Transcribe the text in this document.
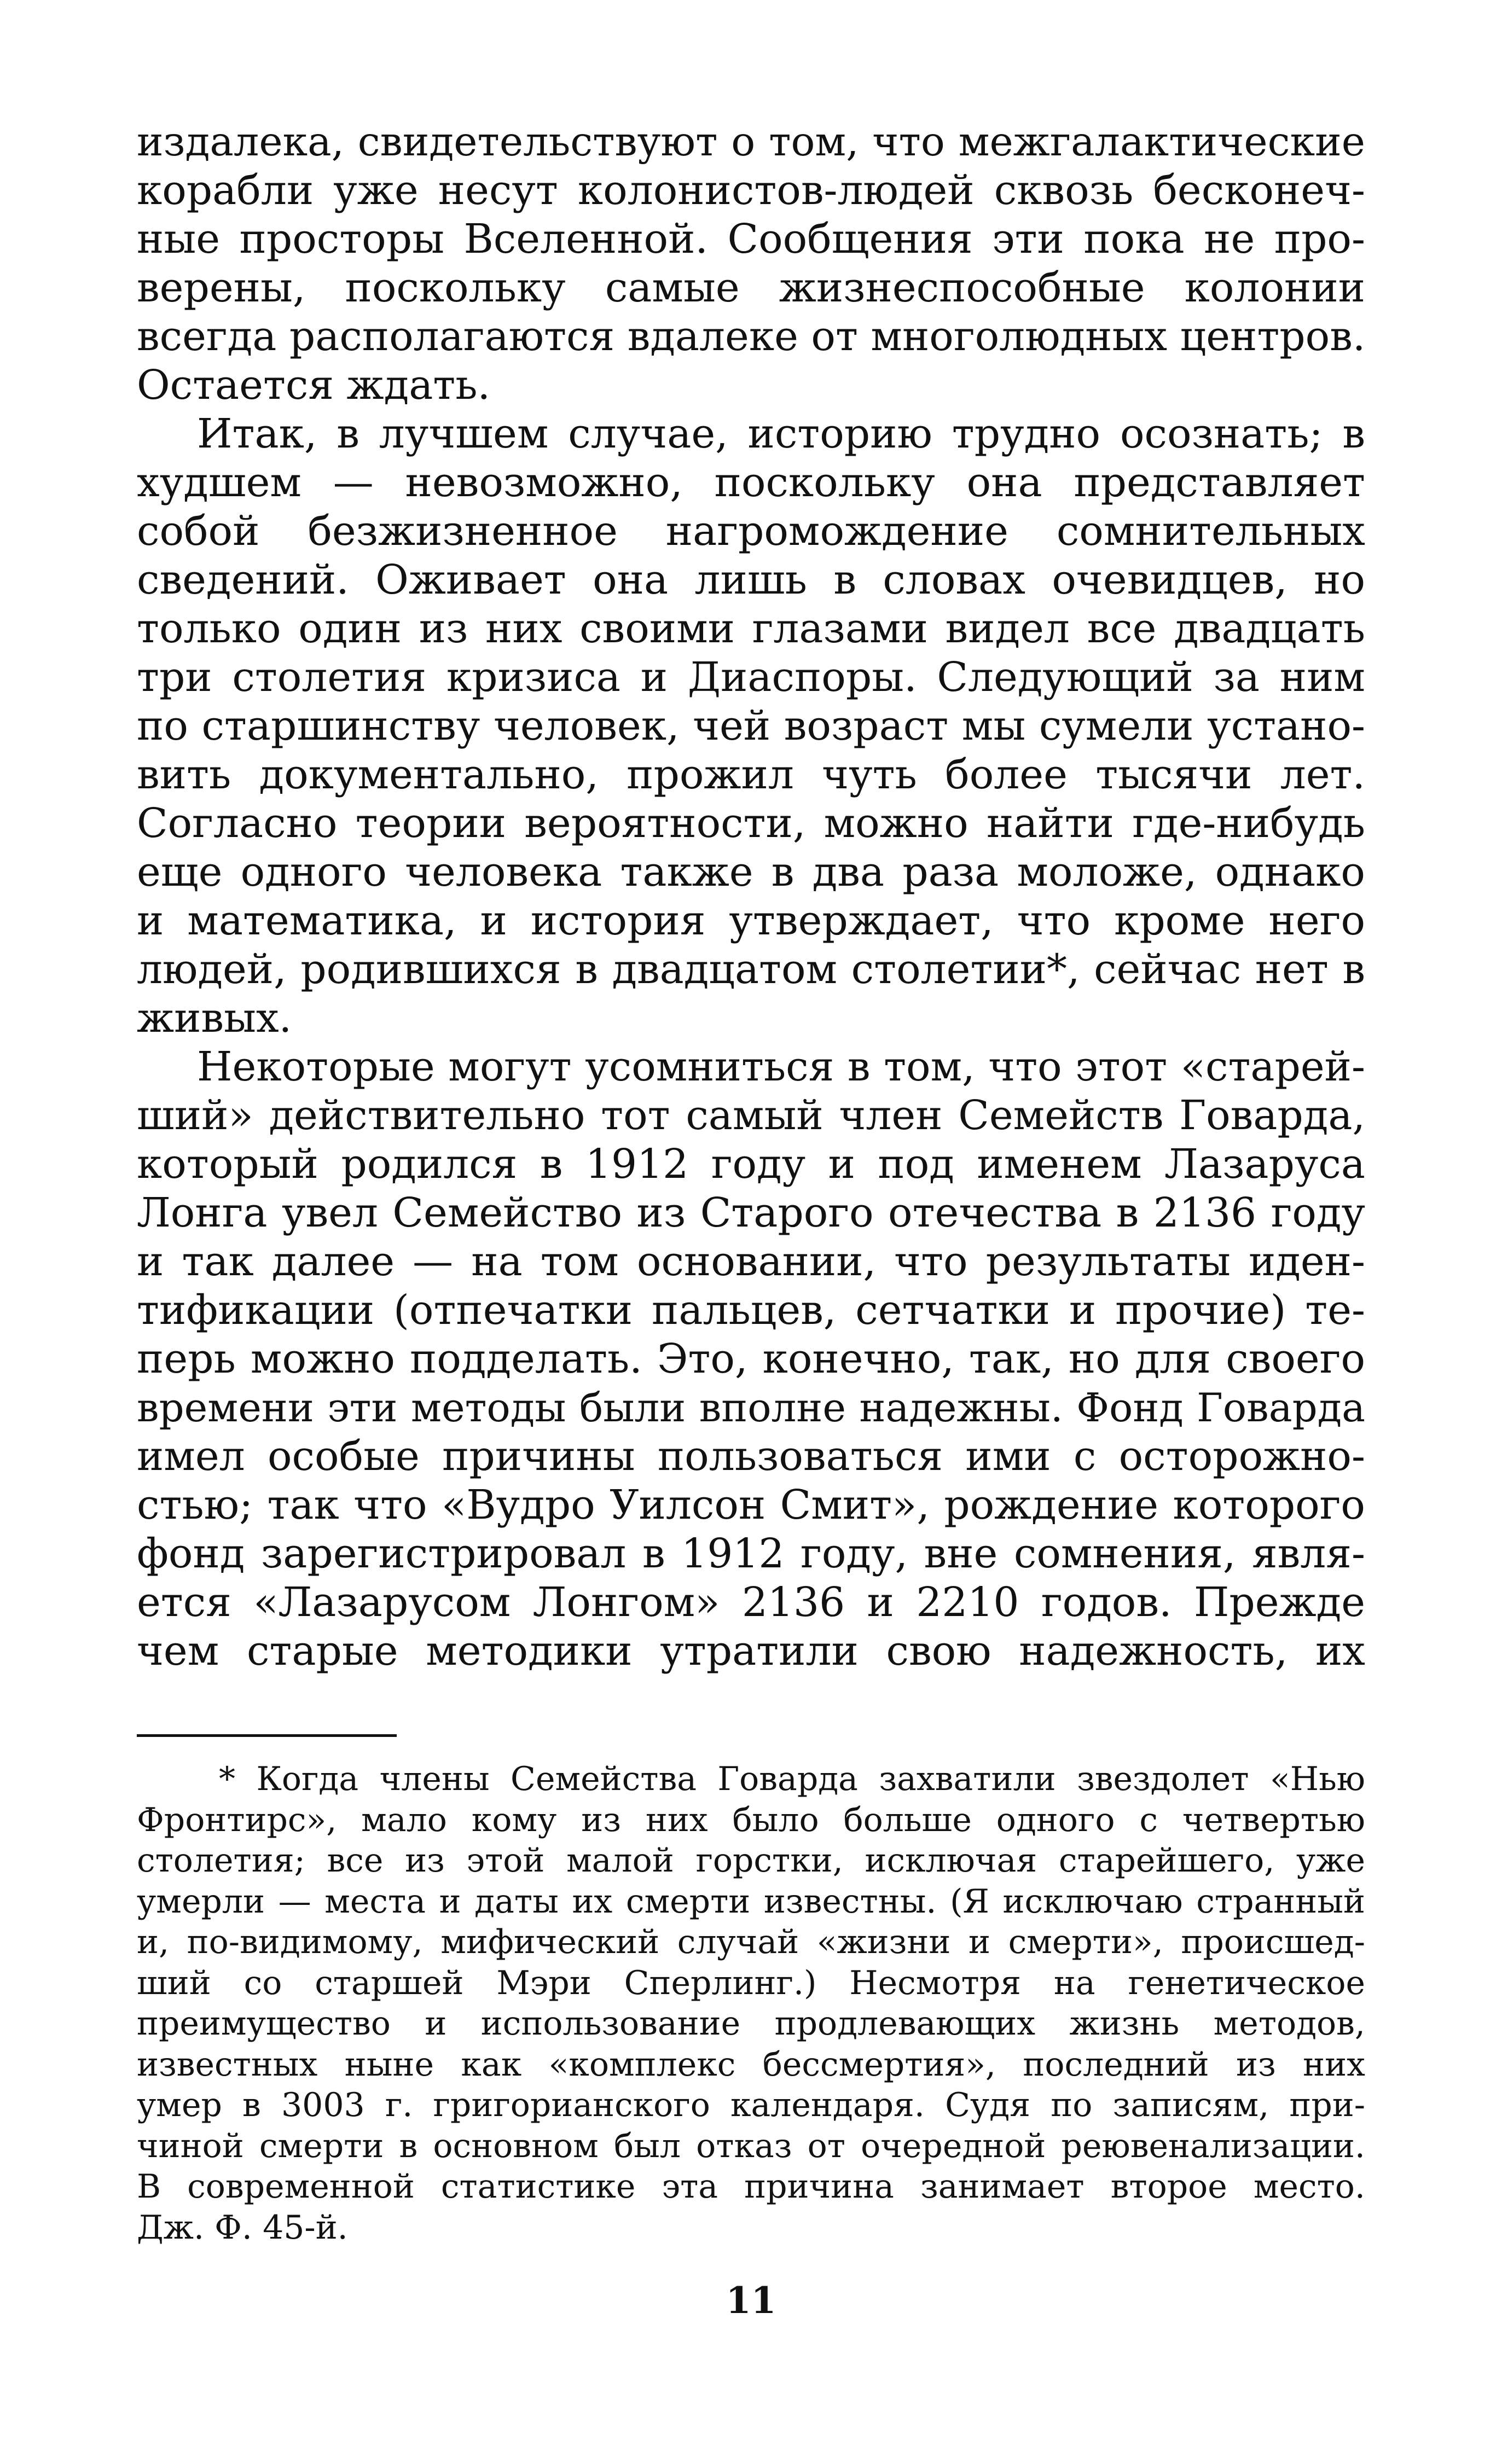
издалека, свидетельствуют о том, что межгалактические
корабли уже несут колонистов-людей сквозь бесконеч-
ные просторы Вселенной. Сообщения эти пока не про-
верены, поскольку самые жизнеспособные колонии
всегда располагаются вдалеке от многолюдных центров.
Остается ждать.
Итак, в лучшем случае, историю трудно осознать; в
худшем — невозможно, поскольку она представляет
собой безжизненное нагромождение сомнительных
сведений. Оживает она лишь в словах очевидцев, но
только один из них своими глазами видел все двадцать
три столетия кризиса и Диаспоры. Следующий за ним
по старшинству человек, чей возраст мы сумели устано-
вить документально, прожил чуть более тысячи лет.
Согласно теории вероятности, можно найти где-нибудь
еще одного человека также в два раза моложе, однако
и математика, и история утверждает, что кроме него
людей, родившихся в двадцатом столетии*, сейчас нет в
живых.
Некоторые могут усомниться в том, что этот «старей-
ший» действительно тот самый член Семейств Говарда,
который родился в 1912 году и под именем Лазаруса
Лонга увел Семейство из Старого отечества в 2136 году
и так далее — на том основании, что результаты иден-
тификации (отпечатки пальцев, сетчатки и прочие) те-
перь можно подделать. Это, конечно, так, но для своего
времени эти методы были вполне надежны. Фонд Говарда
имел особые причины пользоваться ими с осторожно-
стью; так что «Вудро Уилсон Смит», рождение которого
фонд зарегистрировал в 1912 году, вне сомнения, явля-
ется «Лазарусом Лонгом» 2136 и 2210 годов. Прежде
чем старые методики утратили свою надежность, их
* Когда члены Семейства Говарда захватили звездолет «Нью
Фронтирс», мало кому из них было больше одного с четвертью
столетия; все из этой малой горстки, исключая старейшего, уже
умерли — места и даты их смерти известны. (Я исключаю странный
и, по-видимому, мифический случай «жизни и смерти», происшед-
ший со старшей Мэри Сперлинг.) Несмотря на генетическое
преимущество и использование продлевающих жизнь методов,
известных ныне как «комплекс бессмертия», последний из них
умер в 3003 г. григорианского календаря. Судя по записям, при-
чиной смерти в основном был отказ от очередной реювенализации.
В современной статистике эта причина занимает второе место.
Дж. Ф. 45-й.
11
